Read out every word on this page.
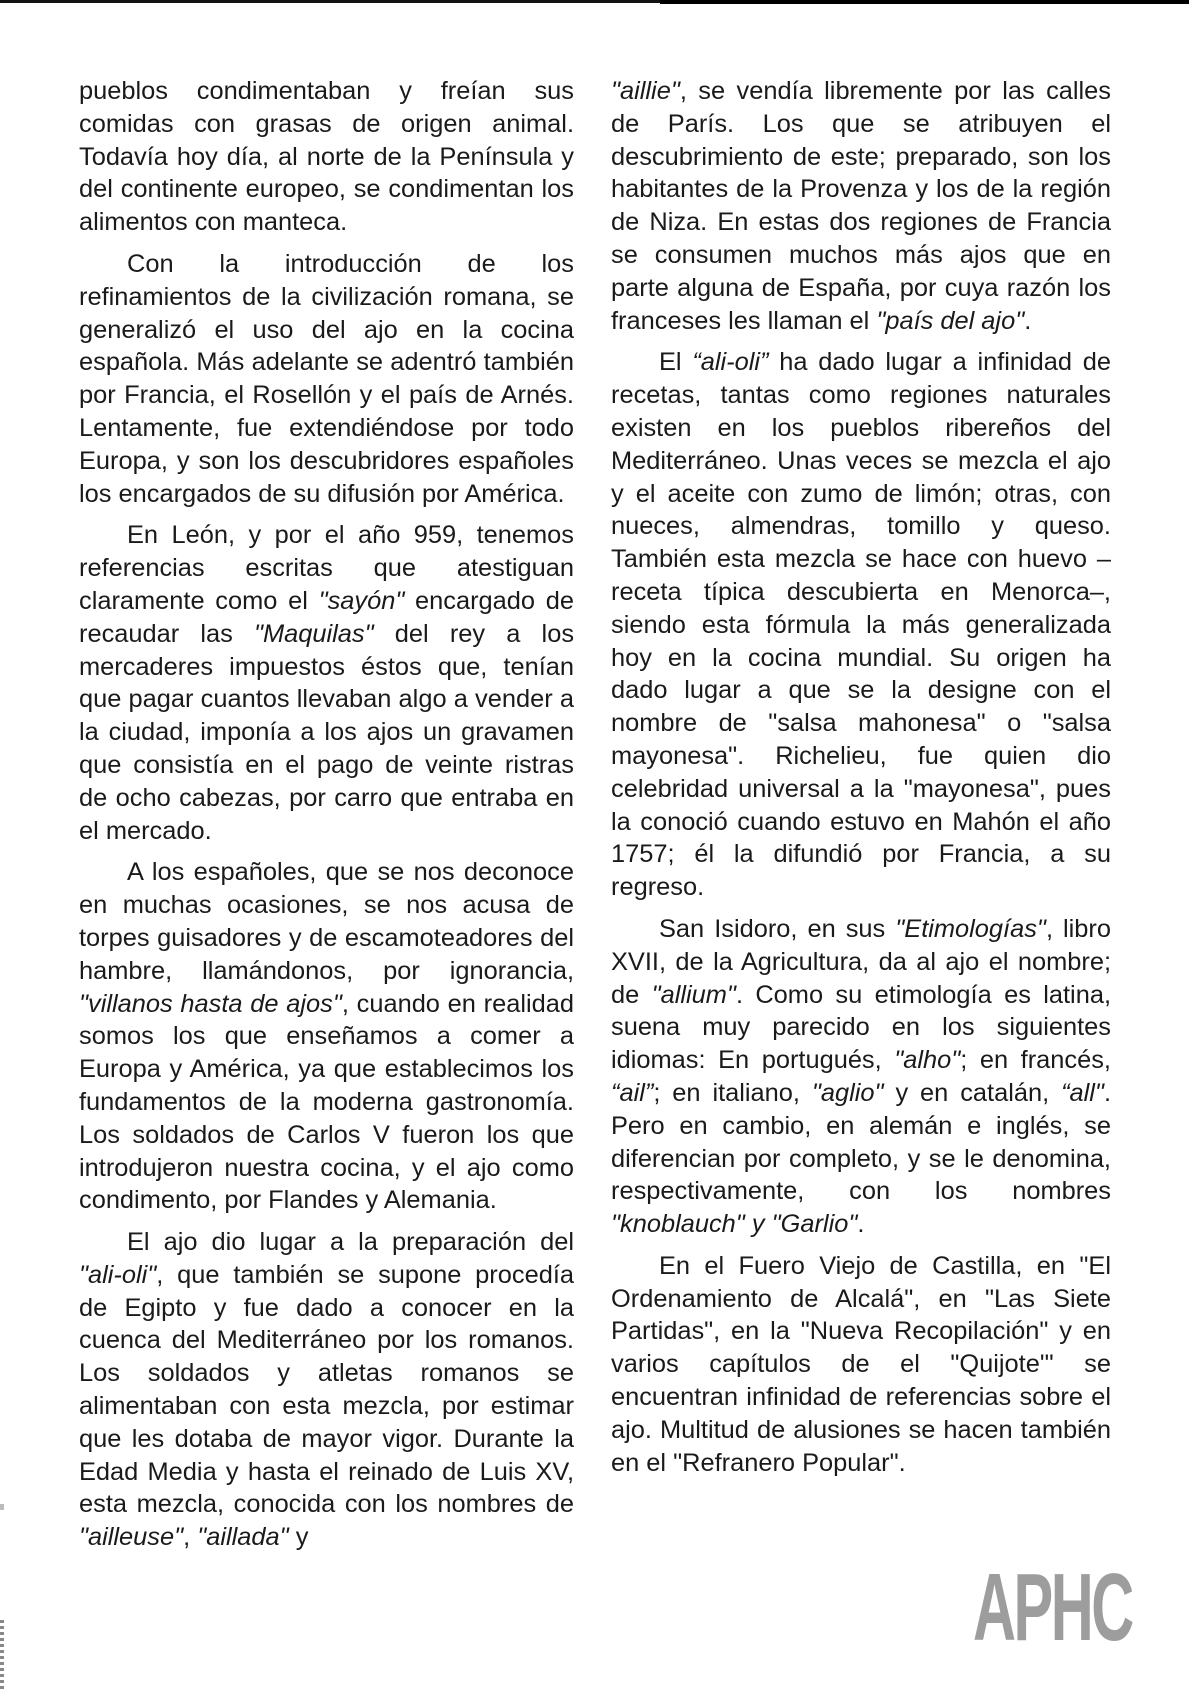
pueblos condimentaban y freían sus comidas con grasas de origen animal. Todavía hoy día, al norte de la Península y del continente europeo, se condimentan los alimentos con manteca.

Con la introducción de los refinamientos de la civilización romana, se generalizó el uso del ajo en la cocina española. Más adelante se adentró también por Francia, el Rosellón y el país de Arnés. Lentamente, fue extendiéndose por todo Europa, y son los descubridores españoles los encargados de su difusión por América.

En León, y por el año 959, tenemos referencias escritas que atestiguan claramente como el "sayón" encargado de recaudar las "Maquilas" del rey a los mercaderes impuestos éstos que, tenían que pagar cuantos llevaban algo a vender a la ciudad, imponía a los ajos un gravamen que consistía en el pago de veinte ristras de ocho cabezas, por carro que entraba en el mercado.

A los españoles, que se nos deconoce en muchas ocasiones, se nos acusa de torpes guisadores y de escamoteadores del hambre, llamándonos, por ignorancia, "villanos hasta de ajos", cuando en realidad somos los que enseñamos a comer a Europa y América, ya que establecimos los fundamentos de la moderna gastronomía. Los soldados de Carlos V fueron los que introdujeron nuestra cocina, y el ajo como condimento, por Flandes y Alemania.

El ajo dio lugar a la preparación del "ali-oli", que también se supone procedía de Egipto y fue dado a conocer en la cuenca del Mediterráneo por los romanos. Los soldados y atletas romanos se alimentaban con esta mezcla, por estimar que les dotaba de mayor vigor. Durante la Edad Media y hasta el reinado de Luis XV, esta mezcla, conocida con los nombres de "ailleuse", "aillada" y

"aillie", se vendía libremente por las calles de París. Los que se atribuyen el descubrimiento de este; preparado, son los habitantes de la Provenza y los de la región de Niza. En estas dos regiones de Francia se consumen muchos más ajos que en parte alguna de España, por cuya razón los franceses les llaman el "país del ajo".

El “ali-oli” ha dado lugar a infinidad de recetas, tantas como regiones naturales existen en los pueblos ribereños del Mediterráneo. Unas veces se mezcla el ajo y el aceite con zumo de limón; otras, con nueces, almendras, tomillo y queso. También esta mezcla se hace con huevo –receta típica descubierta en Menorca–, siendo esta fórmula la más generalizada hoy en la cocina mundial. Su origen ha dado lugar a que se la designe con el nombre de "salsa mahonesa" o "salsa mayonesa". Richelieu, fue quien dio celebridad universal a la "mayonesa", pues la conoció cuando estuvo en Mahón el año 1757; él la difundió por Francia, a su regreso.

San Isidoro, en sus "Etimologías", libro XVII, de la Agricultura, da al ajo el nombre; de "allium". Como su etimología es latina, suena muy parecido en los siguientes idiomas: En portugués, "alho"; en francés, “ail”; en italiano, "aglio" y en catalán, “all". Pero en cambio, en alemán e inglés, se diferencian por completo, y se le denomina, respectivamente, con los nombres "knoblauch" y "Garlio".

En el Fuero Viejo de Castilla, en "El Ordenamiento de Alcalá", en "Las Siete Partidas", en la "Nueva Recopilación" y en varios capítulos de el "Quijote'" se encuentran infinidad de referencias sobre el ajo. Multitud de alusiones se hacen también en el "Refranero Popular".

APHC
